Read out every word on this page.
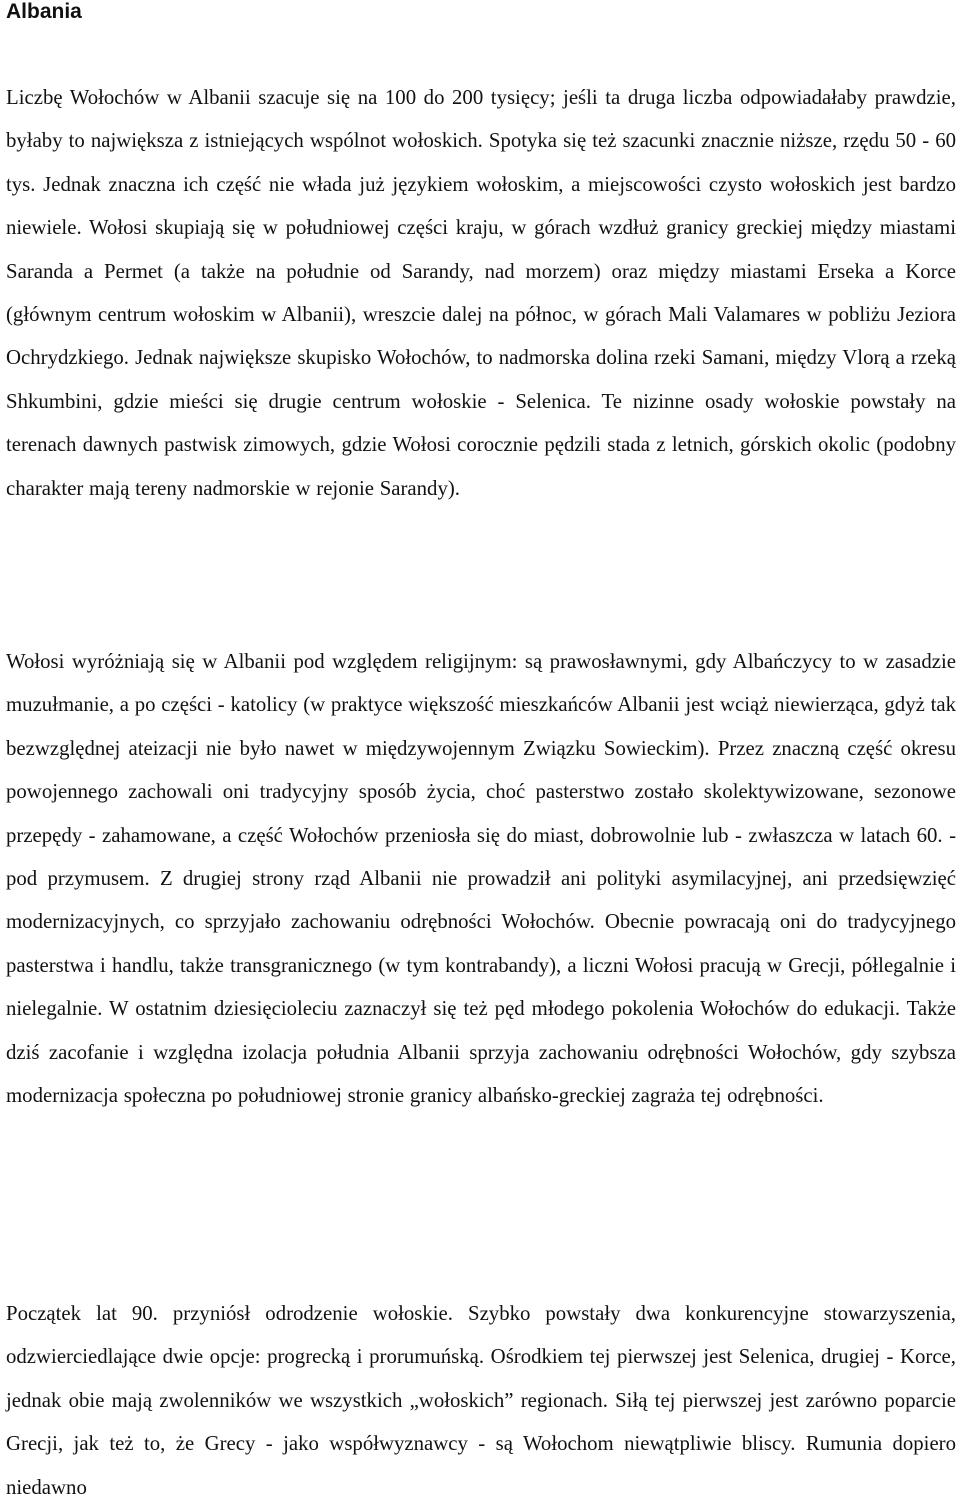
Albania

Liczbę Wołochów w Albanii szacuje się na 100 do 200 tysięcy; jeśli ta druga liczba odpowiadałaby prawdzie, byłaby to największa z istniejących wspólnot wołoskich. Spotyka się też szacunki znacznie niższe, rzędu 50 - 60 tys. Jednak znaczna ich część nie włada już językiem wołoskim, a miejscowości czysto wołoskich jest bardzo niewiele. Wołosi skupiają się w południowej części kraju, w górach wzdłuż granicy greckiej między miastami Saranda a Permet (a także na południe od Sarandy, nad morzem) oraz między miastami Erseka a Korce (głównym centrum wołoskim w Albanii), wreszcie dalej na północ, w górach Mali Valamares w pobliżu Jeziora Ochrydzkiego. Jednak największe skupisko Wołochów, to nadmorska dolina rzeki Samani, między Vlorą a rzeką Shkumbini, gdzie mieści się drugie centrum wołoskie - Selenica. Te nizinne osady wołoskie powstały na terenach dawnych pastwisk zimowych, gdzie Wołosi corocznie pędzili stada z letnich, górskich okolic (podobny charakter mają tereny nadmorskie w rejonie Sarandy).

Wołosi wyróżniają się w Albanii pod względem religijnym: są prawosławnymi, gdy Albańczycy to w zasadzie muzułmanie, a po części - katolicy (w praktyce większość mieszkańców Albanii jest wciąż niewierząca, gdyż tak bezwzględnej ateizacji nie było nawet w międzywojennym Związku Sowieckim). Przez znaczną część okresu powojennego zachowali oni tradycyjny sposób życia, choć pasterstwo zostało skolektywizowane, sezonowe przepędy - zahamowane, a część Wołochów przeniosła się do miast, dobrowolnie lub - zwłaszcza w latach 60. - pod przymusem. Z drugiej strony rząd Albanii nie prowadził ani polityki asymilacyjnej, ani przedsięwzięć modernizacyjnych, co sprzyjało zachowaniu odrębności Wołochów. Obecnie powracają oni do tradycyjnego pasterstwa i handlu, także transgranicznego (w tym kontrabandy), a liczni Wołosi pracują w Grecji, półlegalnie i nielegalnie. W ostatnim dziesięcioleciu zaznaczył się też pęd młodego pokolenia Wołochów do edukacji. Także dziś zacofanie i względna izolacja południa Albanii sprzyja zachowaniu odrębności Wołochów, gdy szybsza modernizacja społeczna po południowej stronie granicy albańsko-greckiej zagraża tej odrębności.

Początek lat 90. przyniósł odrodzenie wołoskie. Szybko powstały dwa konkurencyjne stowarzyszenia, odzwierciedlające dwie opcje: progrecką i prorumuńską. Ośrodkiem tej pierwszej jest Selenica, drugiej - Korce, jednak obie mają zwolenników we wszystkich „wołoskich” regionach. Siłą tej pierwszej jest zarówno poparcie Grecji, jak też to, że Grecy - jako współwyznawcy - są Wołochom niewątpliwie bliscy. Rumunia dopiero niedawno
